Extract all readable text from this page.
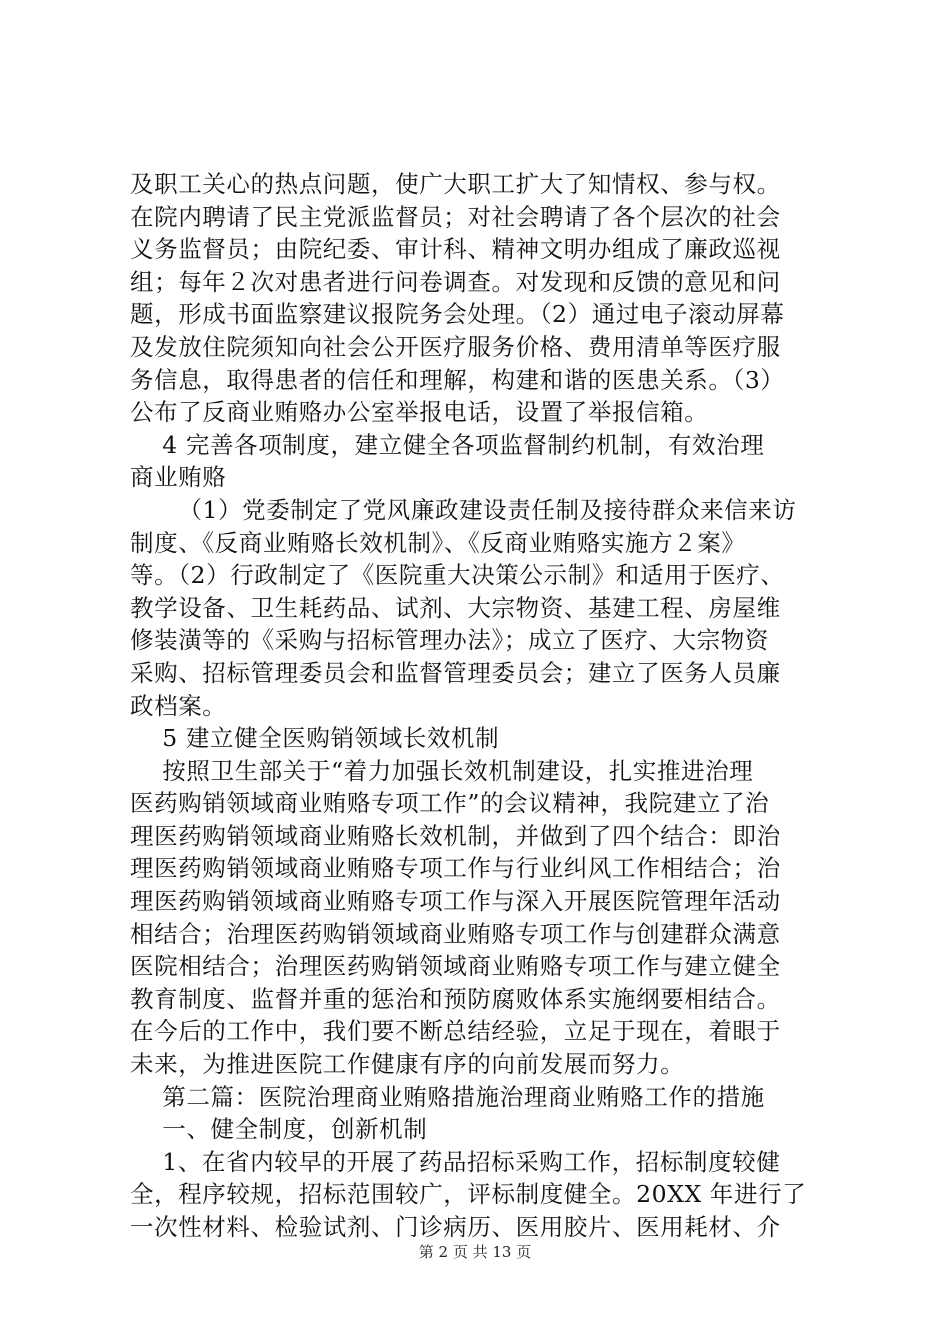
及职工关心的热点问题，使广大职工扩大了知情权、参与权。
在院内聘请了民主党派监督员；对社会聘请了各个层次的社会
义务监督员；由院纪委、审计科、精神文明办组成了廉政巡视
组；每年２次对患者进行问卷调查。对发现和反馈的意见和问
题，形成书面监察建议报院务会处理。（2）通过电子滚动屏幕
及发放住院须知向社会公开医疗服务价格、费用清单等医疗服
务信息，取得患者的信任和理解，构建和谐的医患关系。（3）
公布了反商业贿赂办公室举报电话，设置了举报信箱。
4 完善各项制度，建立健全各项监督制约机制，有效治理
商业贿赂
（1）党委制定了党风廉政建设责任制及接待群众来信来访
制度、《反商业贿赂长效机制》、《反商业贿赂实施方２案》
等。（2）行政制定了《医院重大决策公示制》和适用于医疗、
教学设备、卫生耗药品、试剂、大宗物资、基建工程、房屋维
修装潢等的《采购与招标管理办法》；成立了医疗、大宗物资
采购、招标管理委员会和监督管理委员会；建立了医务人员廉
政档案。
5 建立健全医购销领域长效机制
按照卫生部关于“着力加强长效机制建设，扎实推进治理
医药购销领域商业贿赂专项工作”的会议精神，我院建立了治
理医药购销领域商业贿赂长效机制，并做到了四个结合：即治
理医药购销领域商业贿赂专项工作与行业纠风工作相结合；治
理医药购销领域商业贿赂专项工作与深入开展医院管理年活动
相结合；治理医药购销领域商业贿赂专项工作与创建群众满意
医院相结合；治理医药购销领域商业贿赂专项工作与建立健全
教育制度、监督并重的惩治和预防腐败体系实施纲要相结合。
在今后的工作中，我们要不断总结经验，立足于现在，着眼于
未来，为推进医院工作健康有序的向前发展而努力。
第二篇：医院治理商业贿赂措施治理商业贿赂工作的措施
一、健全制度，创新机制
1、在省内较早的开展了药品招标采购工作，招标制度较健
全，程序较规，招标范围较广，评标制度健全。20XX 年进行了
一次性材料、检验试剂、门诊病历、医用胶片、医用耗材、介
第 2 页 共 13 页
